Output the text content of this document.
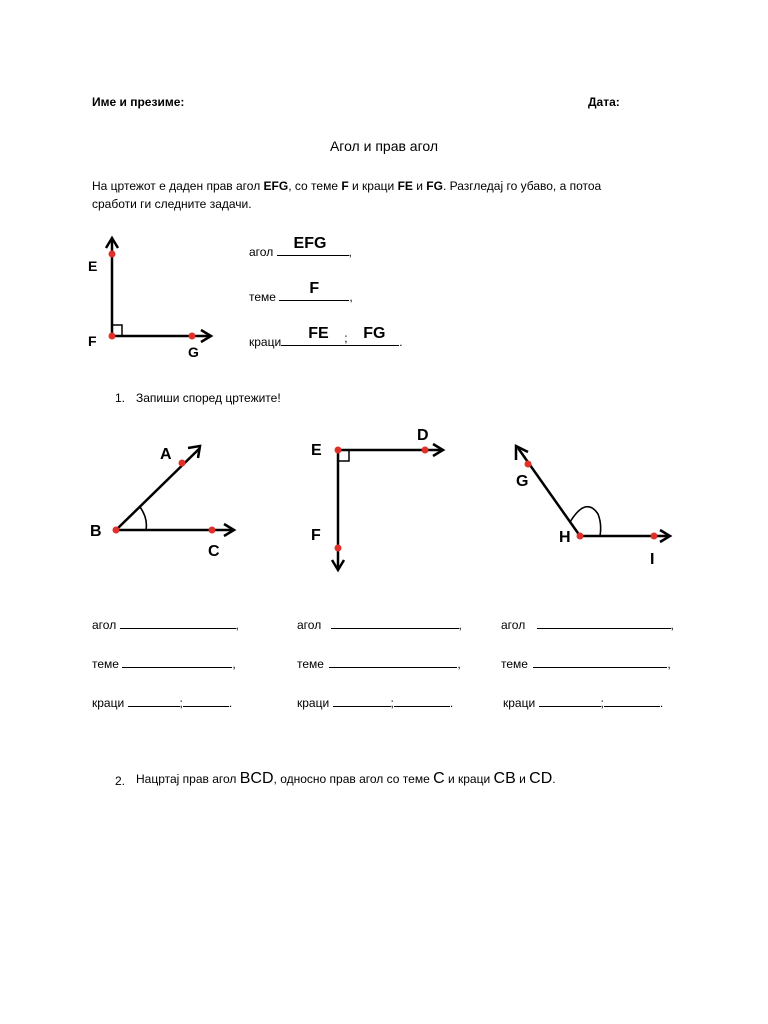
Име и презиме:	Дата:
Агол и прав агол
На цртежот е даден прав агол EFG, со теме F и краци FE и FG. Разгледај го убаво, а потоа
сработи ги следните задачи.
E
F
G
агол EFG ,
теме F	,
краци FE ; FG .
1. Запиши според цртежите!
A
B
C
E
D
F
G
H
I
агол	,
теме	,
краци	;	.
агол	,
теме	,
краци	;	.
агол	,
теме	,
краци	;	.
2. Нацртај прав агол BCD, односно прав агол со теме C и краци CB и CD.
